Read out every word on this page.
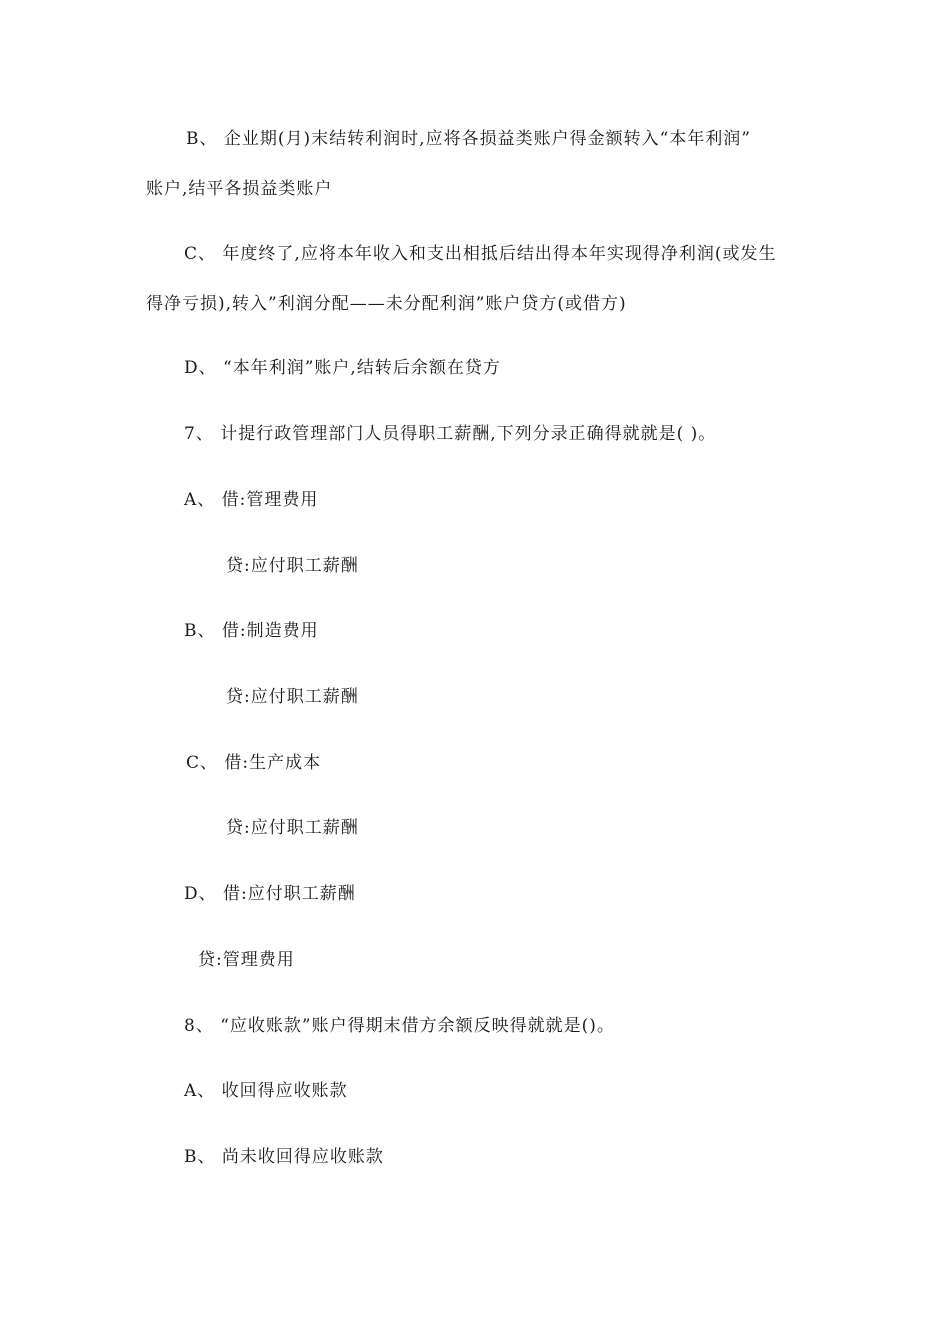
B、 企业期(月)末结转利润时,应将各损益类账户得金额转入“本年利润”
账户,结平各损益类账户
C、 年度终了,应将本年收入和支出相抵后结出得本年实现得净利润(或发生
得净亏损),转入”利润分配——未分配利润”账户贷方(或借方)
D、 “本年利润”账户,结转后余额在贷方
7、 计提行政管理部门人员得职工薪酬,下列分录正确得就就是( )。
A、 借:管理费用
贷:应付职工薪酬
B、 借:制造费用
贷:应付职工薪酬
C、 借:生产成本
贷:应付职工薪酬
D、 借:应付职工薪酬
贷:管理费用
8、 “应收账款”账户得期末借方余额反映得就就是()。
A、 收回得应收账款
B、 尚未收回得应收账款
